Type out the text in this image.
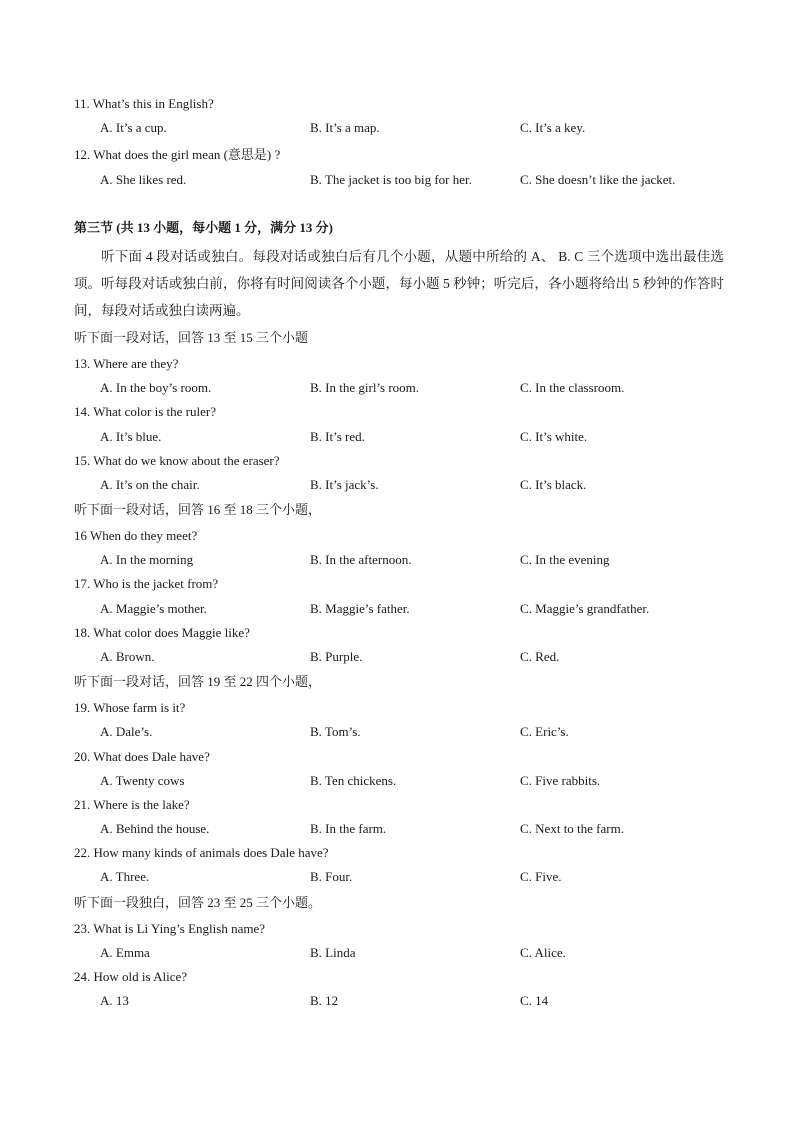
11. What’s this in English?
A. It’s a cup.	B. It’s a map.	C. It’s a key.
12. What does the girl mean (意思是) ?
A. She likes red.	B. The jacket is too big for her.	C. She doesn’t like the jacket.
第三节 (共 13 小题，每小题 1 分，满分 13 分)
听下面 4 段对话或独白。每段对话或独白后有几个小题，从题中所给的 A、 B. C 三个选项中选出最佳选项。听每段对话或独白前，你将有时间阅读各个小题，每小题 5 秒钟；听完后，各小题将给出 5 秒钟的作答时间，每段对话或独白读两遍。
听下面一段对话，回答 13 至 15 三个小题
13. Where are they?
A. In the boy’s room.	B. In the girl’s room.	C. In the classroom.
14. What color is the ruler?
A. It’s blue.	B. It’s red.	C. It’s white.
15. What do we know about the eraser?
A. It’s on the chair.	B. It’s jack’s.	C. It’s black.
听下面一段对话，回答 16 至 18 三个小题，
16 When do they meet?
A. In the morning	B. In the afternoon.	C. In the evening
17. Who is the jacket from?
A. Maggie’s mother.	B. Maggie’s father.	C. Maggie’s grandfather.
18. What color does Maggie like?
A. Brown.	B. Purple.	C. Red.
听下面一段对话，回答 19 至 22 四个小题，
19. Whose farm is it?
A. Dale’s.	B. Tom’s.	C. Eric’s.
20. What does Dale have?
A. Twenty cows	B. Ten chickens.	C. Five rabbits.
21. Where is the lake?
A. Behind the house.	B. In the farm.	C. Next to the farm.
22. How many kinds of animals does Dale have?
A. Three.	B. Four.	C. Five.
听下面一段独白，回答 23 至 25 三个小题。
23. What is Li Ying’s English name?
A. Emma	B. Linda	C. Alice.
24. How old is Alice?
A. 13	B. 12	C. 14
